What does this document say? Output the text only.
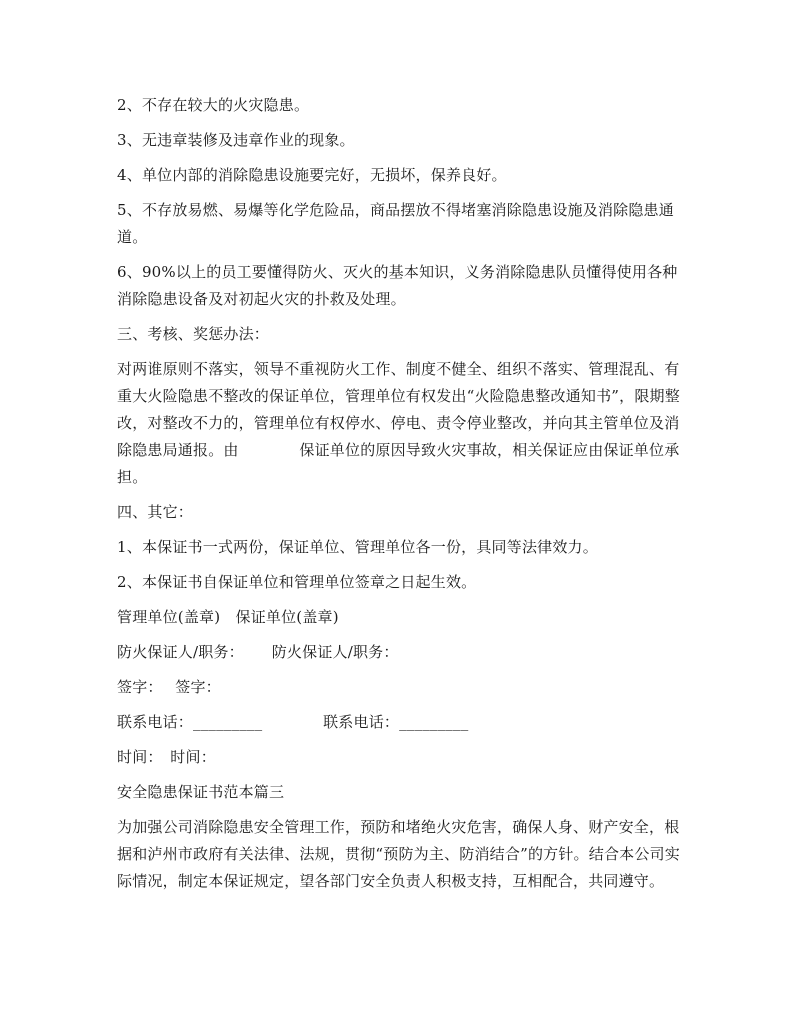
2、不存在较大的火灾隐患。

3、无违章装修及违章作业的现象。

4、单位内部的消除隐患设施要完好，无损坏，保养良好。

5、不存放易燃、易爆等化学危险品，商品摆放不得堵塞消除隐患设施及消除隐患通道。

6、90%以上的员工要懂得防火、灭火的基本知识，义务消除隐患队员懂得使用各种消除隐患设备及对初起火灾的扑救及处理。

三、考核、奖惩办法：

对两谁原则不落实，领导不重视防火工作、制度不健全、组织不落实、管理混乱、有重大火险隐患不整改的保证单位，管理单位有权发出“火险隐患整改通知书”，限期整改，对整改不力的，管理单位有权停水、停电、责令停业整改，并向其主管单位及消除隐患局通报。由　　　　保证单位的原因导致火灾事故，相关保证应由保证单位承担。

四、其它：

1、本保证书一式两份，保证单位、管理单位各一份，具同等法律效力。

2、本保证书自保证单位和管理单位签章之日起生效。

管理单位(盖章)　保证单位(盖章)

防火保证人/职务：　　 防火保证人/职务：

签字：　 签字：

联系电话：_________　　　　联系电话：_________

时间：　时间：

安全隐患保证书范本篇三

为加强公司消除隐患安全管理工作，预防和堵绝火灾危害，确保人身、财产安全，根据和泸州市政府有关法律、法规，贯彻“预防为主、防消结合”的方针。结合本公司实际情况，制定本保证规定，望各部门安全负责人积极支持，互相配合，共同遵守。
